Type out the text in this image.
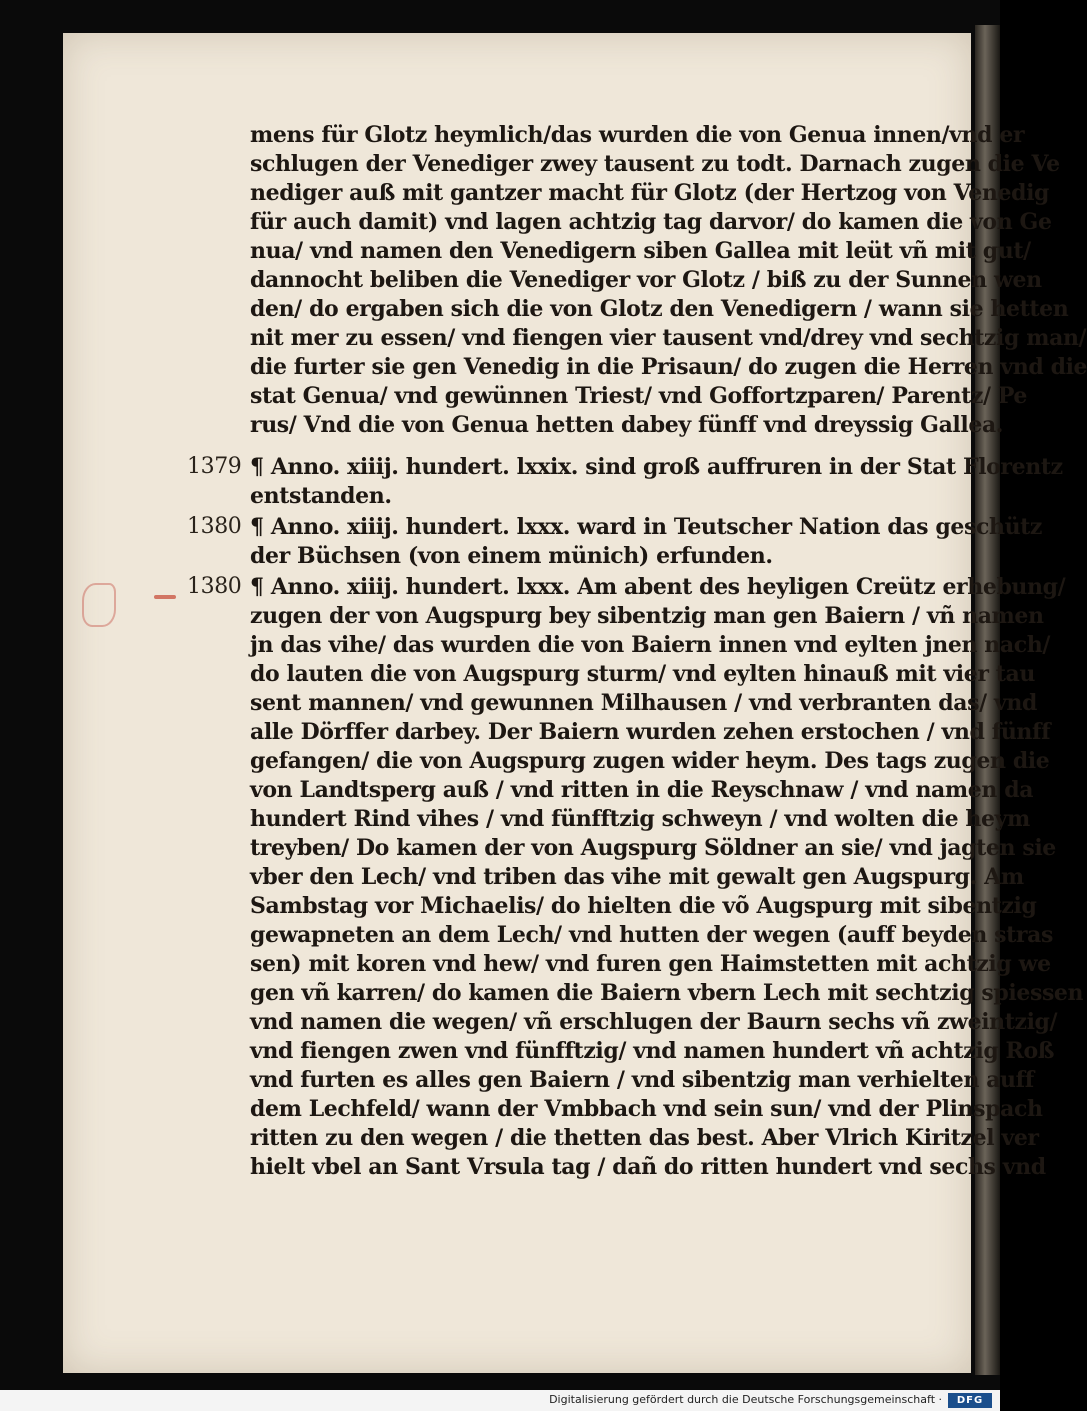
mens für Glotz heymlich/das wurden die von Genua innen/vnd er
schlugen der Venediger zwey tausent zu todt. Darnach zugen die Ve
nediger auß mit gantzer macht für Glotz (der Hertzog von Venedig
für auch damit) vnd lagen achtzig tag darvor/ do kamen die von Ge
nua/ vnd namen den Venedigern siben Gallea mit leüt vñ mit gut/
dannocht beliben die Venediger vor Glotz / biß zu der Sunnen wen
den/ do ergaben sich die von Glotz den Venedigern / wann sie hetten
nit mer zu essen/ vnd fiengen vier tausent vnd/drey vnd sechtzig man/
die furter sie gen Venedig in die Prisaun/ do zugen die Herren vnd die
stat Genua/ vnd gewünnen Triest/ vnd Goffortzparen/ Parentz/ Pe
rus/ Vnd die von Genua hetten dabey fünff vnd dreyssig Gallea.
1379 ¶ Anno. xiiij. hundert. lxxix. sind groß auffruren in der Stat Florentz
entstanden.
1380 ¶ Anno. xiiij. hundert. lxxx. ward in Teutscher Nation das geschütz
der Büchsen (von einem münich) erfunden.
1380 ¶ Anno. xiiij. hundert. lxxx. Am abent des heyligen Creütz erhebung/
zugen der von Augspurg bey sibentzig man gen Baiern / vñ namen
jn das vihe/ das wurden die von Baiern innen vnd eylten jnen nach/
do lauten die von Augspurg sturm/ vnd eylten hinauß mit vier tau
sent mannen/ vnd gewunnen Milhausen / vnd verbranten das/ vnd
alle Dörffer darbey. Der Baiern wurden zehen erstochen / vnd fünff
gefangen/ die von Augspurg zugen wider heym. Des tags zugen die
von Landtsperg auß / vnd ritten in die Reyschnaw / vnd namen da
hundert Rind vihes / vnd fünfftzig schweyn / vnd wolten die heym
treyben/ Do kamen der von Augspurg Söldner an sie/ vnd jagten sie
vber den Lech/ vnd triben das vihe mit gewalt gen Augspurg. Am
Sambstag vor Michaelis/ do hielten die võ Augspurg mit sibentzig
gewapneten an dem Lech/ vnd hutten der wegen (auff beyden stras
sen) mit koren vnd hew/ vnd furen gen Haimstetten mit achtzig we
gen vñ karren/ do kamen die Baiern vbern Lech mit sechtzig spiessen
vnd namen die wegen/ vñ erschlugen der Baurn sechs vñ zweintzig/
vnd fiengen zwen vnd fünfftzig/ vnd namen hundert vñ achtzig Roß
vnd furten es alles gen Baiern / vnd sibentzig man verhielten auff
dem Lechfeld/ wann der Vmbbach vnd sein sun/ vnd der Plinspach
ritten zu den wegen / die thetten das best. Aber Vlrich Kiritzel ver
hielt vbel an Sant Vrsula tag / dañ do ritten hundert vnd sechs vnd
Digitalisierung gefördert durch die Deutsche Forschungsgemeinschaft ·	DFG
